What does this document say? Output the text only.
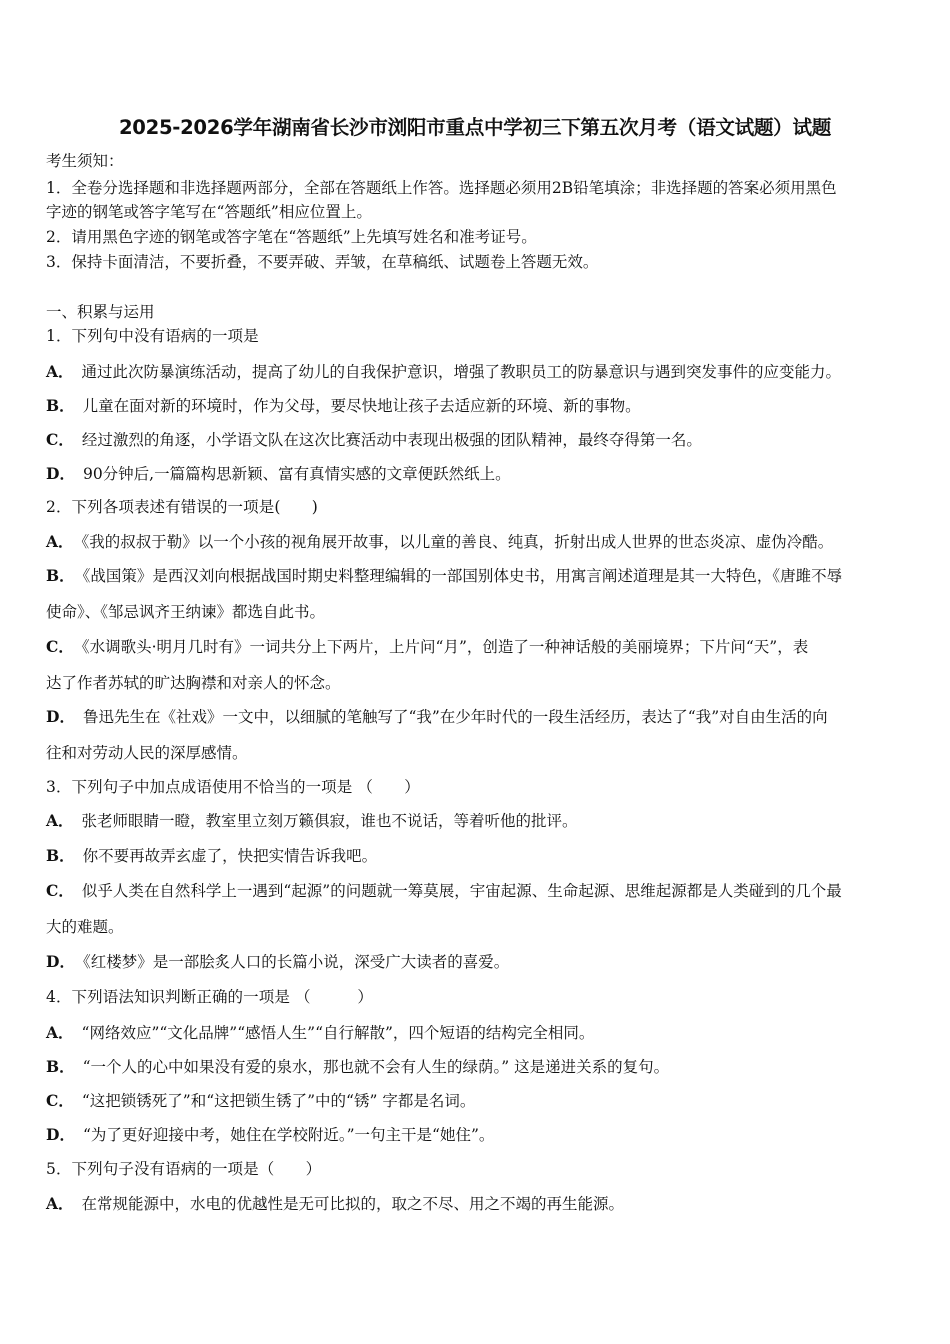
2025-2026学年湖南省长沙市浏阳市重点中学初三下第五次月考（语文试题）试题
考生须知：
1．全卷分选择题和非选择题两部分，全部在答题纸上作答。选择题必须用2B铅笔填涂；非选择题的答案必须用黑色
字迹的钢笔或答字笔写在“答题纸”相应位置上。
2．请用黑色字迹的钢笔或答字笔在“答题纸”上先填写姓名和准考证号。
3．保持卡面清洁，不要折叠，不要弄破、弄皱，在草稿纸、试题卷上答题无效。
一、积累与运用
1．下列句中没有语病的一项是
A． 通过此次防暴演练活动，提高了幼儿的自我保护意识，增强了教职员工的防暴意识与遇到突发事件的应变能力。
B． 儿童在面对新的环境时，作为父母，要尽快地让孩子去适应新的环境、新的事物。
C． 经过激烈的角逐，小学语文队在这次比赛活动中表现出极强的团队精神，最终夺得第一名。
D． 90分钟后,一篇篇构思新颖、富有真情实感的文章便跃然纸上。
2．下列各项表述有错误的一项是(　　)
A． 《我的叔叔于勒》以一个小孩的视角展开故事，以儿童的善良、纯真，折射出成人世界的世态炎凉、虚伪冷酷。
B． 《战国策》是西汉刘向根据战国时期史料整理编辑的一部国别体史书，用寓言阐述道理是其一大特色，《唐雎不辱
使命》、《邹忌讽齐王纳谏》都选自此书。
C． 《水调歌头·明月几时有》一词共分上下两片，上片问“月”，创造了一种神话般的美丽境界；下片问“天”，表
达了作者苏轼的旷达胸襟和对亲人的怀念。
D． 鲁迅先生在《社戏》一文中，以细腻的笔触写了“我”在少年时代的一段生活经历，表达了“我”对自由生活的向
往和对劳动人民的深厚感情。
3．下列句子中加点成语使用不恰当的一项是 （　　）
A． 张老师眼睛一瞪，教室里立刻万籁俱寂，谁也不说话，等着听他的批评。
B． 你不要再故弄玄虚了，快把实情告诉我吧。
C． 似乎人类在自然科学上一遇到“起源”的问题就一筹莫展，宇宙起源、生命起源、思维起源都是人类碰到的几个最
大的难题。
D． 《红楼梦》是一部脍炙人口的长篇小说，深受广大读者的喜爱。
4．下列语法知识判断正确的一项是 （　　　）
A． “网络效应”“文化品牌”“感悟人生”“自行解散”，四个短语的结构完全相同。
B． “一个人的心中如果没有爱的泉水，那也就不会有人生的绿荫。” 这是递进关系的复句。
C． “这把锁锈死了”和“这把锁生锈了”中的“锈” 字都是名词。
D． “为了更好迎接中考，她住在学校附近。”一句主干是“她住”。
5．下列句子没有语病的一项是（　　）
A． 在常规能源中，水电的优越性是无可比拟的，取之不尽、用之不竭的再生能源。
